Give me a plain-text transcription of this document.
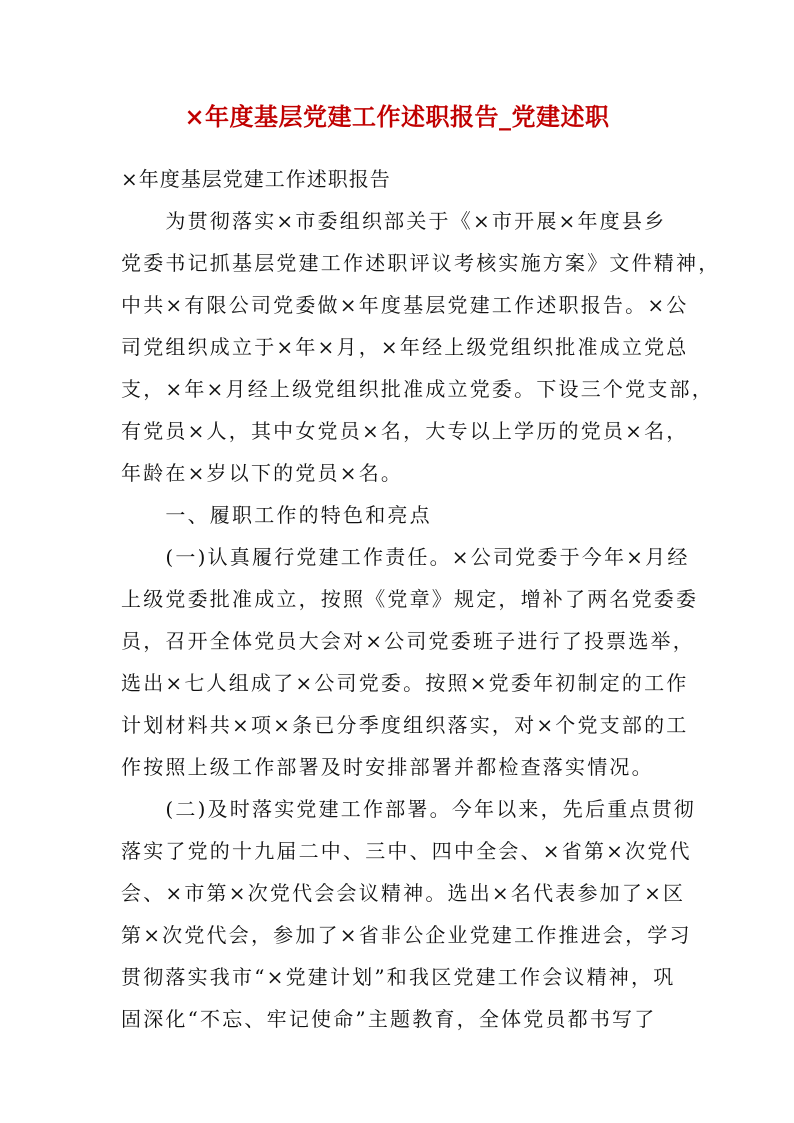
×年度基层党建工作述职报告_党建述职
×年度基层党建工作述职报告
　　为贯彻落实×市委组织部关于《×市开展×年度县乡
党委书记抓基层党建工作述职评议考核实施方案》文件精神，
中共×有限公司党委做×年度基层党建工作述职报告。×公
司党组织成立于×年×月，×年经上级党组织批准成立党总
支，×年×月经上级党组织批准成立党委。下设三个党支部，
有党员×人，其中女党员×名，大专以上学历的党员×名，
年龄在×岁以下的党员×名。
　　一、履职工作的特色和亮点
　　(一)认真履行党建工作责任。×公司党委于今年×月经
上级党委批准成立，按照《党章》规定，增补了两名党委委
员，召开全体党员大会对×公司党委班子进行了投票选举，
选出×七人组成了×公司党委。按照×党委年初制定的工作
计划材料共×项×条已分季度组织落实，对×个党支部的工
作按照上级工作部署及时安排部署并都检查落实情况。
　　(二)及时落实党建工作部署。今年以来，先后重点贯彻
落实了党的十九届二中、三中、四中全会、×省第×次党代
会、×市第×次党代会会议精神。选出×名代表参加了×区
第×次党代会，参加了×省非公企业党建工作推进会，学习
贯彻落实我市“×党建计划”和我区党建工作会议精神，巩
固深化“不忘、牢记使命”主题教育，全体党员都书写了
